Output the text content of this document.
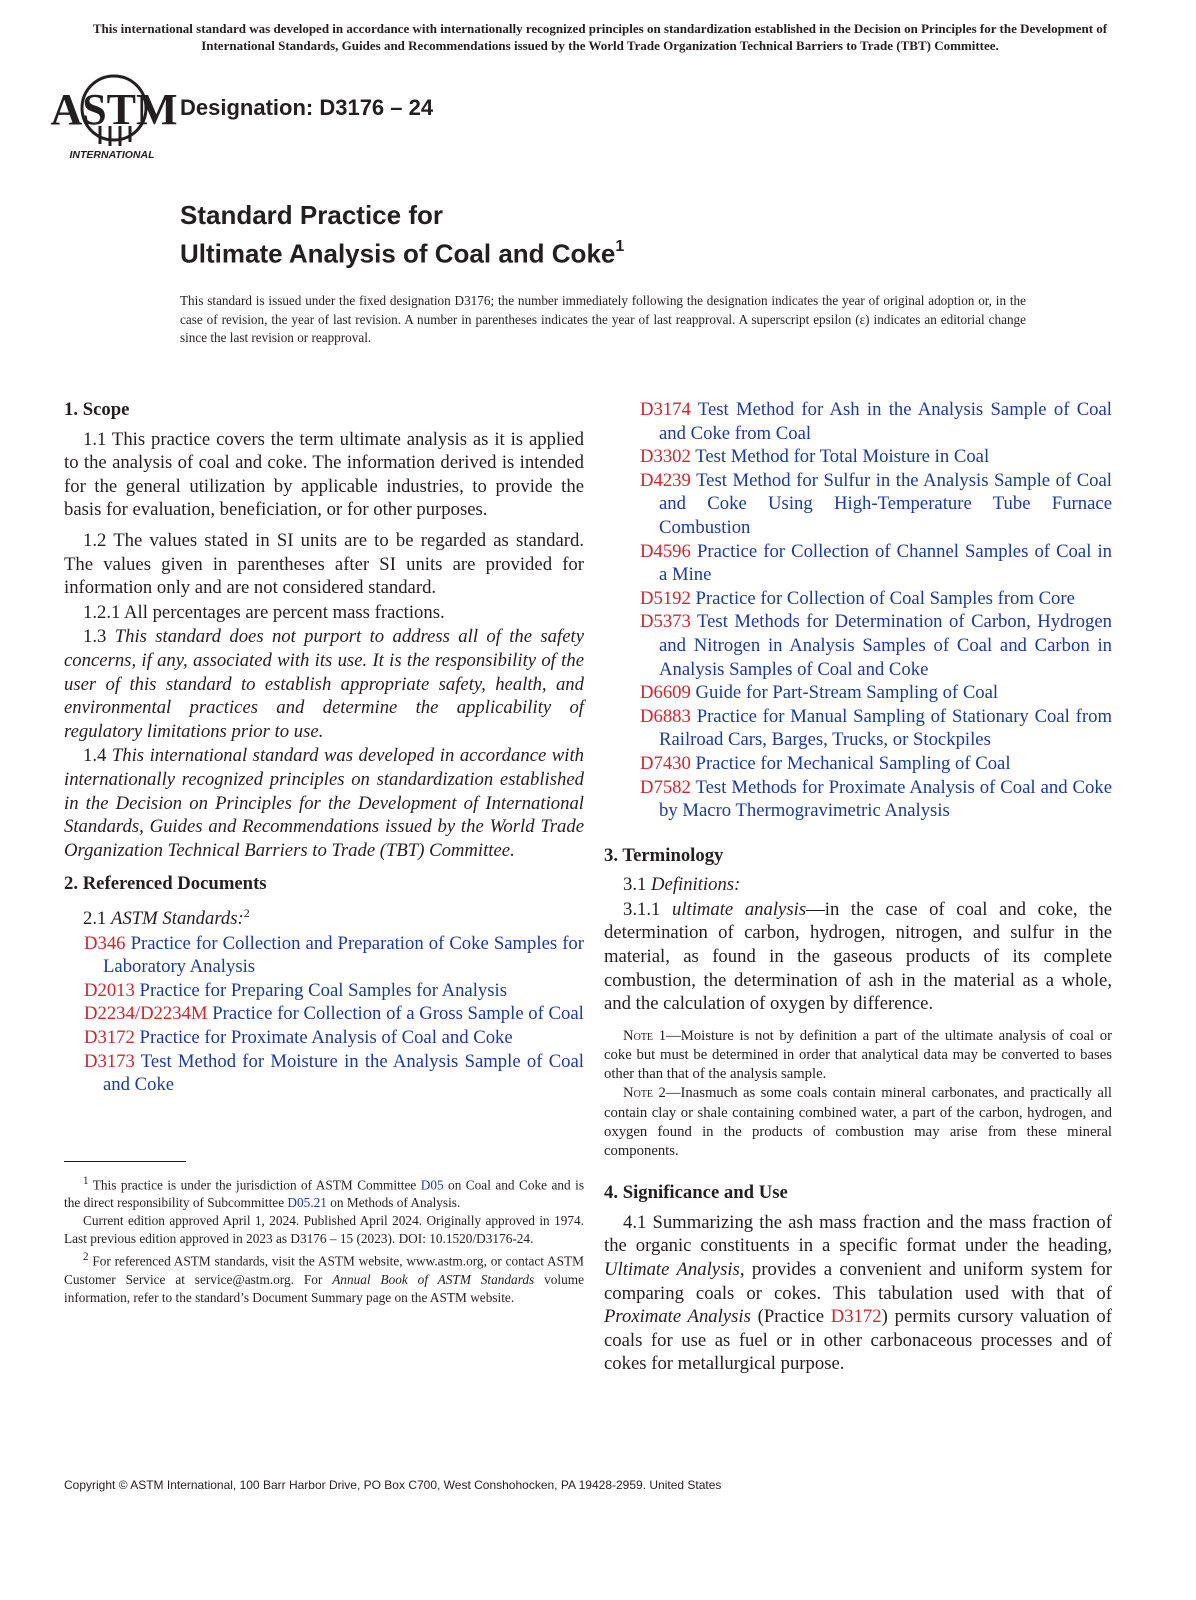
This international standard was developed in accordance with internationally recognized principles on standardization established in the Decision on Principles for the Development of International Standards, Guides and Recommendations issued by the World Trade Organization Technical Barriers to Trade (TBT) Committee.
ASTM
INTERNATIONAL
Designation: D3176 – 24
Standard Practice for
Ultimate Analysis of Coal and Coke$^1$
This standard is issued under the fixed designation D3176; the number immediately following the designation indicates the year of original adoption or, in the case of revision, the year of last revision. A number in parentheses indicates the year of last reapproval. A superscript epsilon (ε) indicates an editorial change since the last revision or reapproval.
1. Scope

1.1 This practice covers the term ultimate analysis as it is applied to the analysis of coal and coke. The information derived is intended for the general utilization by applicable industries, to provide the basis for evaluation, beneficiation, or for other purposes.

1.2 The values stated in SI units are to be regarded as standard. The values given in parentheses after SI units are provided for information only and are not considered standard.

1.2.1 All percentages are percent mass fractions.

1.3 This standard does not purport to address all of the safety concerns, if any, associated with its use. It is the responsibility of the user of this standard to establish appropriate safety, health, and environmental practices and determine the applicability of regulatory limitations prior to use.

1.4 This international standard was developed in accordance with internationally recognized principles on standardization established in the Decision on Principles for the Development of International Standards, Guides and Recommendations issued by the World Trade Organization Technical Barriers to Trade (TBT) Committee.

2. Referenced Documents

2.1 ASTM Standards:$^2$

D346 Practice for Collection and Preparation of Coke Samples for Laboratory Analysis

D2013 Practice for Preparing Coal Samples for Analysis

D2234/D2234M Practice for Collection of a Gross Sample of Coal

D3172 Practice for Proximate Analysis of Coal and Coke

D3173 Test Method for Moisture in the Analysis Sample of Coal and Coke

$^1$ This practice is under the jurisdiction of ASTM Committee D05 on Coal and Coke and is the direct responsibility of Subcommittee D05.21 on Methods of Analysis.

Current edition approved April 1, 2024. Published April 2024. Originally approved in 1974. Last previous edition approved in 2023 as D3176 – 15 (2023). DOI: 10.1520/D3176-24.

$^2$ For referenced ASTM standards, visit the ASTM website, www.astm.org, or contact ASTM Customer Service at service@astm.org. For Annual Book of ASTM Standards volume information, refer to the standard’s Document Summary page on the ASTM website.

D3174 Test Method for Ash in the Analysis Sample of Coal and Coke from Coal

D3302 Test Method for Total Moisture in Coal

D4239 Test Method for Sulfur in the Analysis Sample of Coal and Coke Using High-Temperature Tube Furnace Combustion

D4596 Practice for Collection of Channel Samples of Coal in a Mine

D5192 Practice for Collection of Coal Samples from Core

D5373 Test Methods for Determination of Carbon, Hydrogen and Nitrogen in Analysis Samples of Coal and Carbon in Analysis Samples of Coal and Coke

D6609 Guide for Part-Stream Sampling of Coal

D6883 Practice for Manual Sampling of Stationary Coal from Railroad Cars, Barges, Trucks, or Stockpiles

D7430 Practice for Mechanical Sampling of Coal

D7582 Test Methods for Proximate Analysis of Coal and Coke by Macro Thermogravimetric Analysis

3. Terminology

3.1 Definitions:

3.1.1 ultimate analysis—in the case of coal and coke, the determination of carbon, hydrogen, nitrogen, and sulfur in the material, as found in the gaseous products of its complete combustion, the determination of ash in the material as a whole, and the calculation of oxygen by difference.

Note 1—Moisture is not by definition a part of the ultimate analysis of coal or coke but must be determined in order that analytical data may be converted to bases other than that of the analysis sample.

Note 2—Inasmuch as some coals contain mineral carbonates, and practically all contain clay or shale containing combined water, a part of the carbon, hydrogen, and oxygen found in the products of combustion may arise from these mineral components.

4. Significance and Use

4.1 Summarizing the ash mass fraction and the mass fraction of the organic constituents in a specific format under the heading, Ultimate Analysis, provides a convenient and uniform system for comparing coals or cokes. This tabulation used with that of Proximate Analysis (Practice D3172) permits cursory valuation of coals for use as fuel or in other carbonaceous processes and of cokes for metallurgical purpose.

Copyright © ASTM International, 100 Barr Harbor Drive, PO Box C700, West Conshohocken, PA 19428-2959. United States
